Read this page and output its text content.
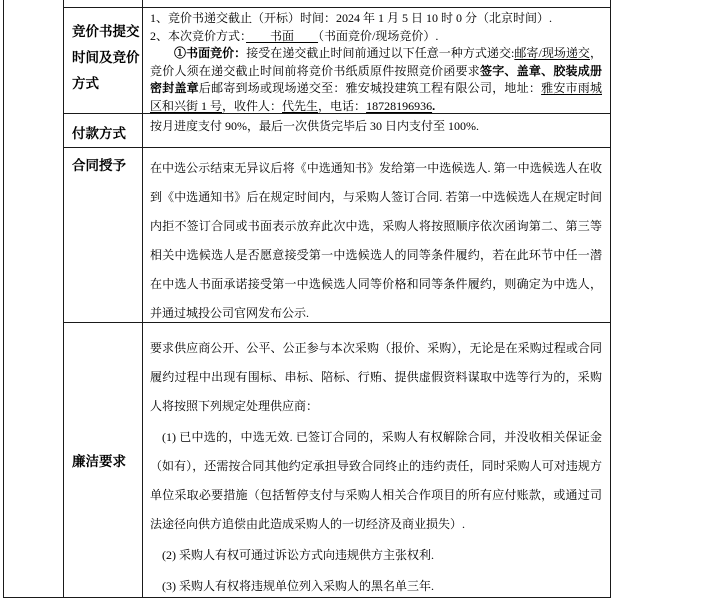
竞价书提交
时间及竞价
方式
1、竞价书递交截止（开标）时间：2024 年 1 月 5 日 10 时 0 分（北京时间）.
2、本次竞价方式：　　书面　　（书面竞价/现场竞价）.
①书面竞价：接受在递交截止时间前通过以下任意一种方式递交:邮寄/现场递交，竞价人须在递交截止时间前将竞价书纸质原件按照竞价函要求签字、盖章、胶装成册密封盖章后邮寄到场或现场递交至：雅安城投建筑工程有限公司，地址：雅安市雨城区和兴街 1 号，收件人：代先生，电话：18728196936.
付款方式	按月进度支付 90%，最后一次供货完毕后 30 日内支付至 100%.
合同授予	在中选公示结束无异议后将《中选通知书》发给第一中选候选人. 第一中选候选人在收到《中选通知书》后在规定时间内，与采购人签订合同. 若第一中选候选人在规定时间内拒不签订合同或书面表示放弃此次中选，采购人将按照顺序依次函询第二、第三等相关中选候选人是否愿意接受第一中选候选人的同等条件履约，若在此环节中任一潜在中选人书面承诺接受第一中选候选人同等价格和同等条件履约，则确定为中选人，并通过城投公司官网发布公示.
廉洁要求
要求供应商公开、公平、公正参与本次采购（报价、采购），无论是在采购过程或合同履约过程中出现有围标、串标、陪标、行贿、提供虚假资料谋取中选等行为的，采购人将按照下列规定处理供应商：
(1) 已中选的，中选无效. 已签订合同的，采购人有权解除合同，并没收相关保证金（如有），还需按合同其他约定承担导致合同终止的违约责任，同时采购人可对违规方单位采取必要措施（包括暂停支付与采购人相关合作项目的所有应付账款，或通过司法途径向供方追偿由此造成采购人的一切经济及商业损失）.
(2) 采购人有权可通过诉讼方式向违规供方主张权利.
(3) 采购人有权将违规单位列入采购人的黑名单三年.
